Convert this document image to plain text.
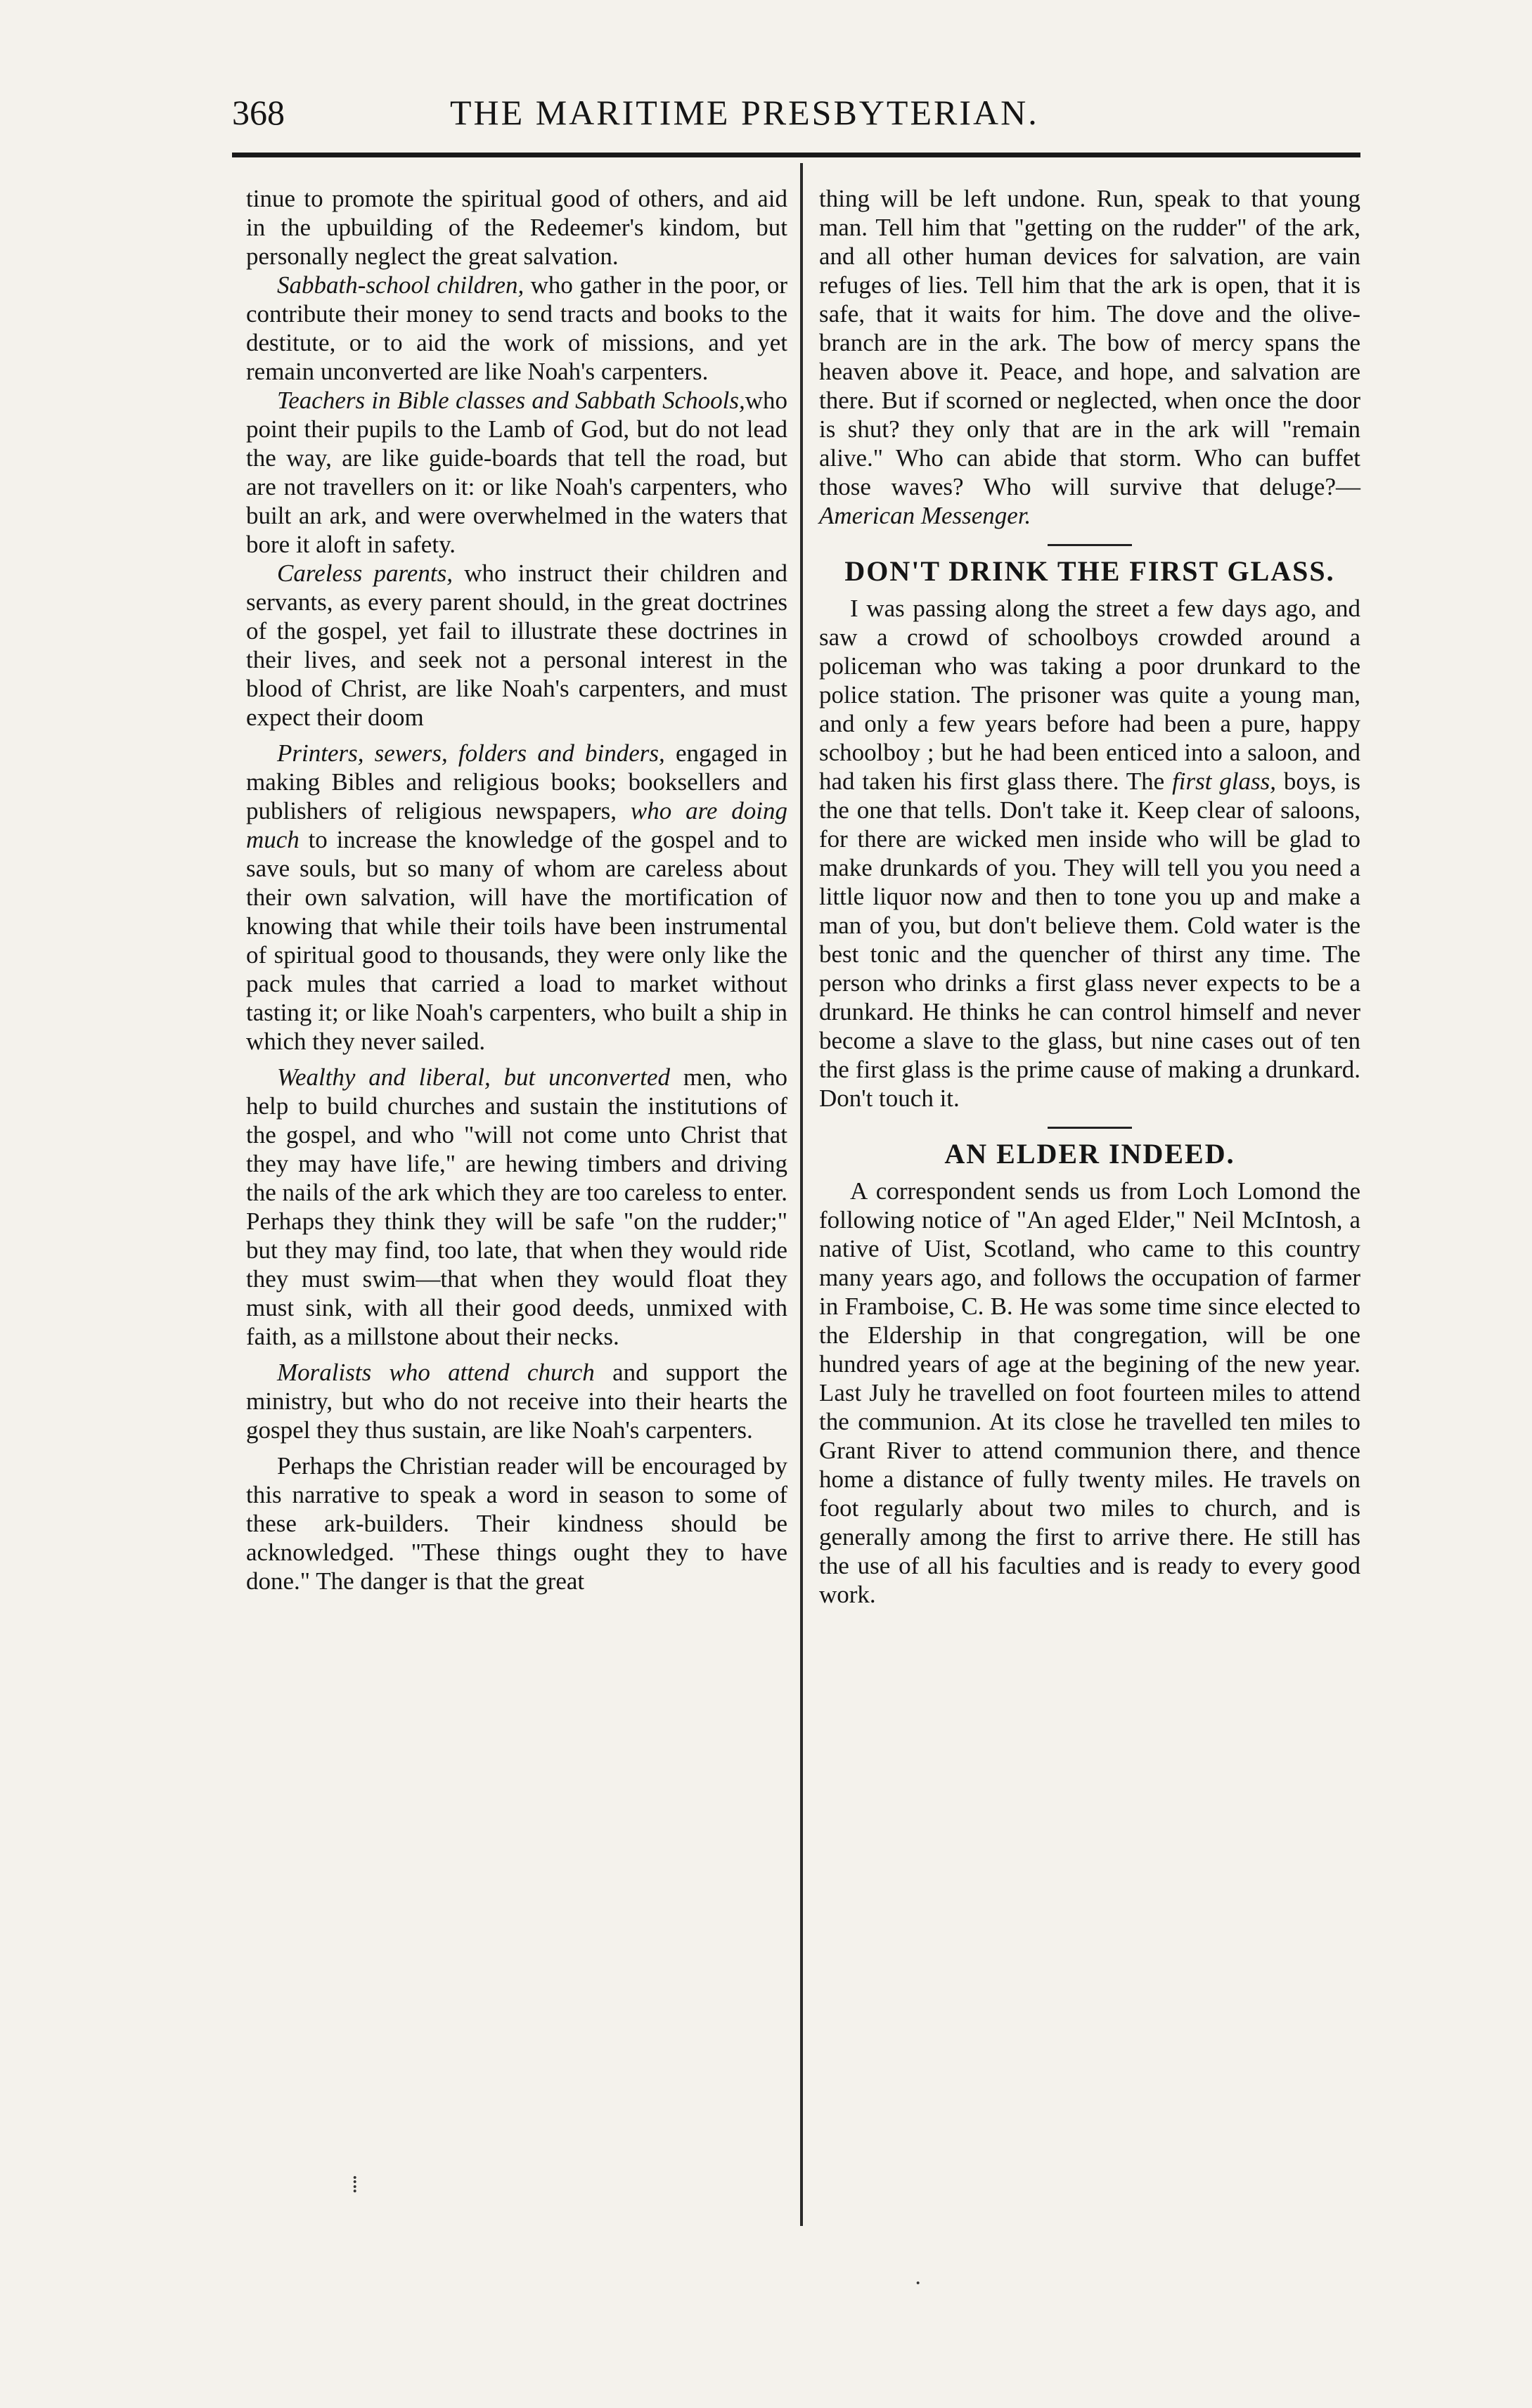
368	THE MARITIME PRESBYTERIAN.

tinue to promote the spiritual good of others, and aid in the upbuilding of the Redeemer's kindom, but personally neglect the great salvation.

Sabbath-school children, who gather in the poor, or contribute their money to send tracts and books to the destitute, or to aid the work of missions, and yet remain unconverted are like Noah's carpenters.

Teachers in Bible classes and Sabbath Schools,who point their pupils to the Lamb of God, but do not lead the way, are like guide-boards that tell the road, but are not travellers on it: or like Noah's carpenters, who built an ark, and were overwhelmed in the waters that bore it aloft in safety.

Careless parents, who instruct their children and servants, as every parent should, in the great doctrines of the gospel, yet fail to illustrate these doctrines in their lives, and seek not a personal interest in the blood of Christ, are like Noah's carpenters, and must expect their doom

Printers, sewers, folders and binders, engaged in making Bibles and religious books; booksellers and publishers of religious newspapers, who are doing much to increase the knowledge of the gospel and to save souls, but so many of whom are careless about their own salvation, will have the mortification of knowing that while their toils have been instrumental of spiritual good to thousands, they were only like the pack mules that carried a load to market without tasting it; or like Noah's carpenters, who built a ship in which they never sailed.

Wealthy and liberal, but unconverted men, who help to build churches and sustain the institutions of the gospel, and who "will not come unto Christ that they may have life," are hewing timbers and driving the nails of the ark which they are too careless to enter. Perhaps they think they will be safe "on the rudder;" but they may find, too late, that when they would ride they must swim—that when they would float they must sink, with all their good deeds, unmixed with faith, as a millstone about their necks.

Moralists who attend church and support the ministry, but who do not receive into their hearts the gospel they thus sustain, are like Noah's carpenters.

Perhaps the Christian reader will be encouraged by this narrative to speak a word in season to some of these ark-builders. Their kindness should be acknowledged. "These things ought they to have done." The danger is that the great

thing will be left undone. Run, speak to that young man. Tell him that "getting on the rudder" of the ark, and all other human devices for salvation, are vain refuges of lies. Tell him that the ark is open, that it is safe, that it waits for him. The dove and the olive-branch are in the ark. The bow of mercy spans the heaven above it. Peace, and hope, and salvation are there. But if scorned or neglected, when once the door is shut? they only that are in the ark will "remain alive." Who can abide that storm. Who can buffet those waves? Who will survive that deluge?—American Messenger.

DON'T DRINK THE FIRST GLASS.

I was passing along the street a few days ago, and saw a crowd of schoolboys crowded around a policeman who was taking a poor drunkard to the police station. The prisoner was quite a young man, and only a few years before had been a pure, happy schoolboy ; but he had been enticed into a saloon, and had taken his first glass there. The first glass, boys, is the one that tells. Don't take it. Keep clear of saloons, for there are wicked men inside who will be glad to make drunkards of you. They will tell you you need a little liquor now and then to tone you up and make a man of you, but don't believe them. Cold water is the best tonic and the quencher of thirst any time. The person who drinks a first glass never expects to be a drunkard. He thinks he can control himself and never become a slave to the glass, but nine cases out of ten the first glass is the prime cause of making a drunkard. Don't touch it.

AN ELDER INDEED.

A correspondent sends us from Loch Lomond the following notice of "An aged Elder," Neil McIntosh, a native of Uist, Scotland, who came to this country many years ago, and follows the occupation of farmer in Framboise, C. B. He was some time since elected to the Eldership in that congregation, will be one hundred years of age at the begining of the new year. Last July he travelled on foot fourteen miles to attend the communion. At its close he travelled ten miles to Grant River to attend communion there, and thence home a distance of fully twenty miles. He travels on foot regularly about two miles to church, and is generally among the first to arrive there. He still has the use of all his faculties and is ready to every good work.

⁞
·
